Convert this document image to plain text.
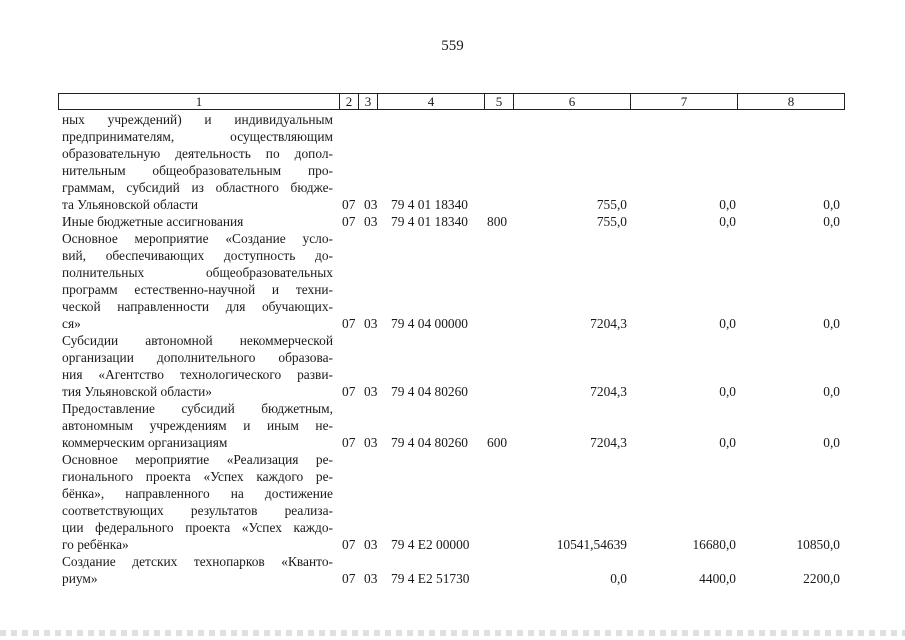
559
1	2 3	4	5	6	7	8
ных учреждений) и индивидуальным
предпринимателям, осуществляющим
образовательную деятельность по допол-
нительным общеобразовательным про-
граммам, субсидий из областного бюдже-
та Ульяновской области	07 03 79 4 01 18340	755,0	0,0	0,0
Иные бюджетные ассигнования	07 03 79 4 01 18340 800	755,0	0,0	0,0
Основное мероприятие «Создание усло-
вий, обеспечивающих доступность до-
полнительных общеобразовательных
программ естественно-научной и техни-
ческой направленности для обучающих-
ся»	07 03 79 4 04 00000	7204,3	0,0	0,0
Субсидии автономной некоммерческой
организации дополнительного образова-
ния «Агентство технологического разви-
тия Ульяновской области»	07 03 79 4 04 80260	7204,3	0,0	0,0
Предоставление субсидий бюджетным,
автономным учреждениям и иным не-
коммерческим организациям	07 03 79 4 04 80260 600	7204,3	0,0	0,0
Основное мероприятие «Реализация ре-
гионального проекта «Успех каждого ре-
бёнка», направленного на достижение
соответствующих результатов реализа-
ции федерального проекта «Успех каждо-
го ребёнка»	07 03 79 4 E2 00000	10541,54639	16680,0	10850,0
Создание детских технопарков «Кванто-
риум»	07 03 79 4 E2 51730	0,0	4400,0	2200,0
